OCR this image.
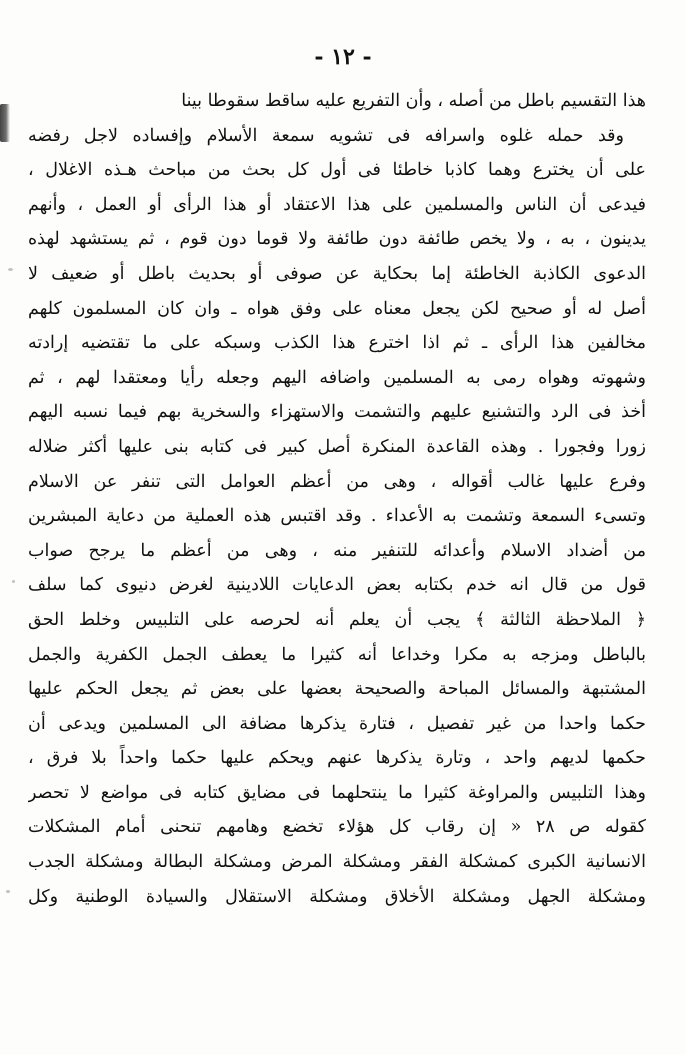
- ١٢ -
هذا التقسيم باطل من أصله ، وأن التفريع عليه ساقط سقوطا بينا
وقد حمله غلوه واسرافه فى تشويه سمعة الأسلام وإفساده لاجل رفضه
على أن يخترع وهما كاذبا خاطئا فى أول كل بحث من مباحث هـذه الاغلال ،
فيدعى أن الناس والمسلمين على هذا الاعتقاد أو هذا الرأى أو العمل ، وأنهم
يدينون ، به ، ولا يخص طائفة دون طائفة ولا قوما دون قوم ، ثم يستشهد لهذه
الدعوى الكاذبة الخاطئة إما بحكاية عن صوفى أو بحديث باطل أو ضعيف لا
أصل له أو صحيح لكن يجعل معناه على وفق هواه ـ وان كان المسلمون كلهم
مخالفين هذا الرأى ـ ثم اذا اخترع هذا الكذب وسبكه على ما تقتضيه إرادته
وشهوته وهواه رمى به المسلمين واضافه اليهم وجعله رأيا ومعتقدا لهم ، ثم
أخذ فى الرد والتشنيع عليهم والتشمت والاستهزاء والسخرية بهم فيما نسبه اليهم
زورا وفجورا . وهذه القاعدة المنكرة أصل كبير فى كتابه بنى عليها أكثر ضلاله
وفرع عليها غالب أقواله ، وهى من أعظم العوامل التى تنفر عن الاسلام
وتسىء السمعة وتشمت به الأعداء . وقد اقتبس هذه العملية من دعاية المبشرين
من أضداد الاسلام وأعدائه للتنفير منه ، وهى من أعظم ما يرجح صواب
قول من قال انه خدم بكتابه بعض الدعايات اللادينية لغرض دنيوى كما سلف
﴿ الملاحظة الثالثة ﴾ يجب أن يعلم أنه لحرصه على التلبيس وخلط الحق
بالباطل ومزجه به مكرا وخداعا أنه كثيرا ما يعطف الجمل الكفرية والجمل
المشتبهة والمسائل المباحة والصحيحة بعضها على بعض ثم يجعل الحكم عليها
حكما واحدا من غير تفصيل ، فتارة يذكرها مضافة الى المسلمين ويدعى أن
حكمها لديهم واحد ، وتارة يذكرها عنهم ويحكم عليها حكما واحداً بلا فرق ،
وهذا التلبيس والمراوغة كثيرا ما ينتحلهما فى مضايق كتابه فى مواضع لا تحصر
كقوله ص ٢٨ « إن رقاب كل هؤلاء تخضع وهامهم تنحنى أمام المشكلات
الانسانية الكبرى كمشكلة الفقر ومشكلة المرض ومشكلة البطالة ومشكلة الجدب
ومشكلة الجهل ومشكلة الأخلاق ومشكلة الاستقلال والسيادة الوطنية وكل
